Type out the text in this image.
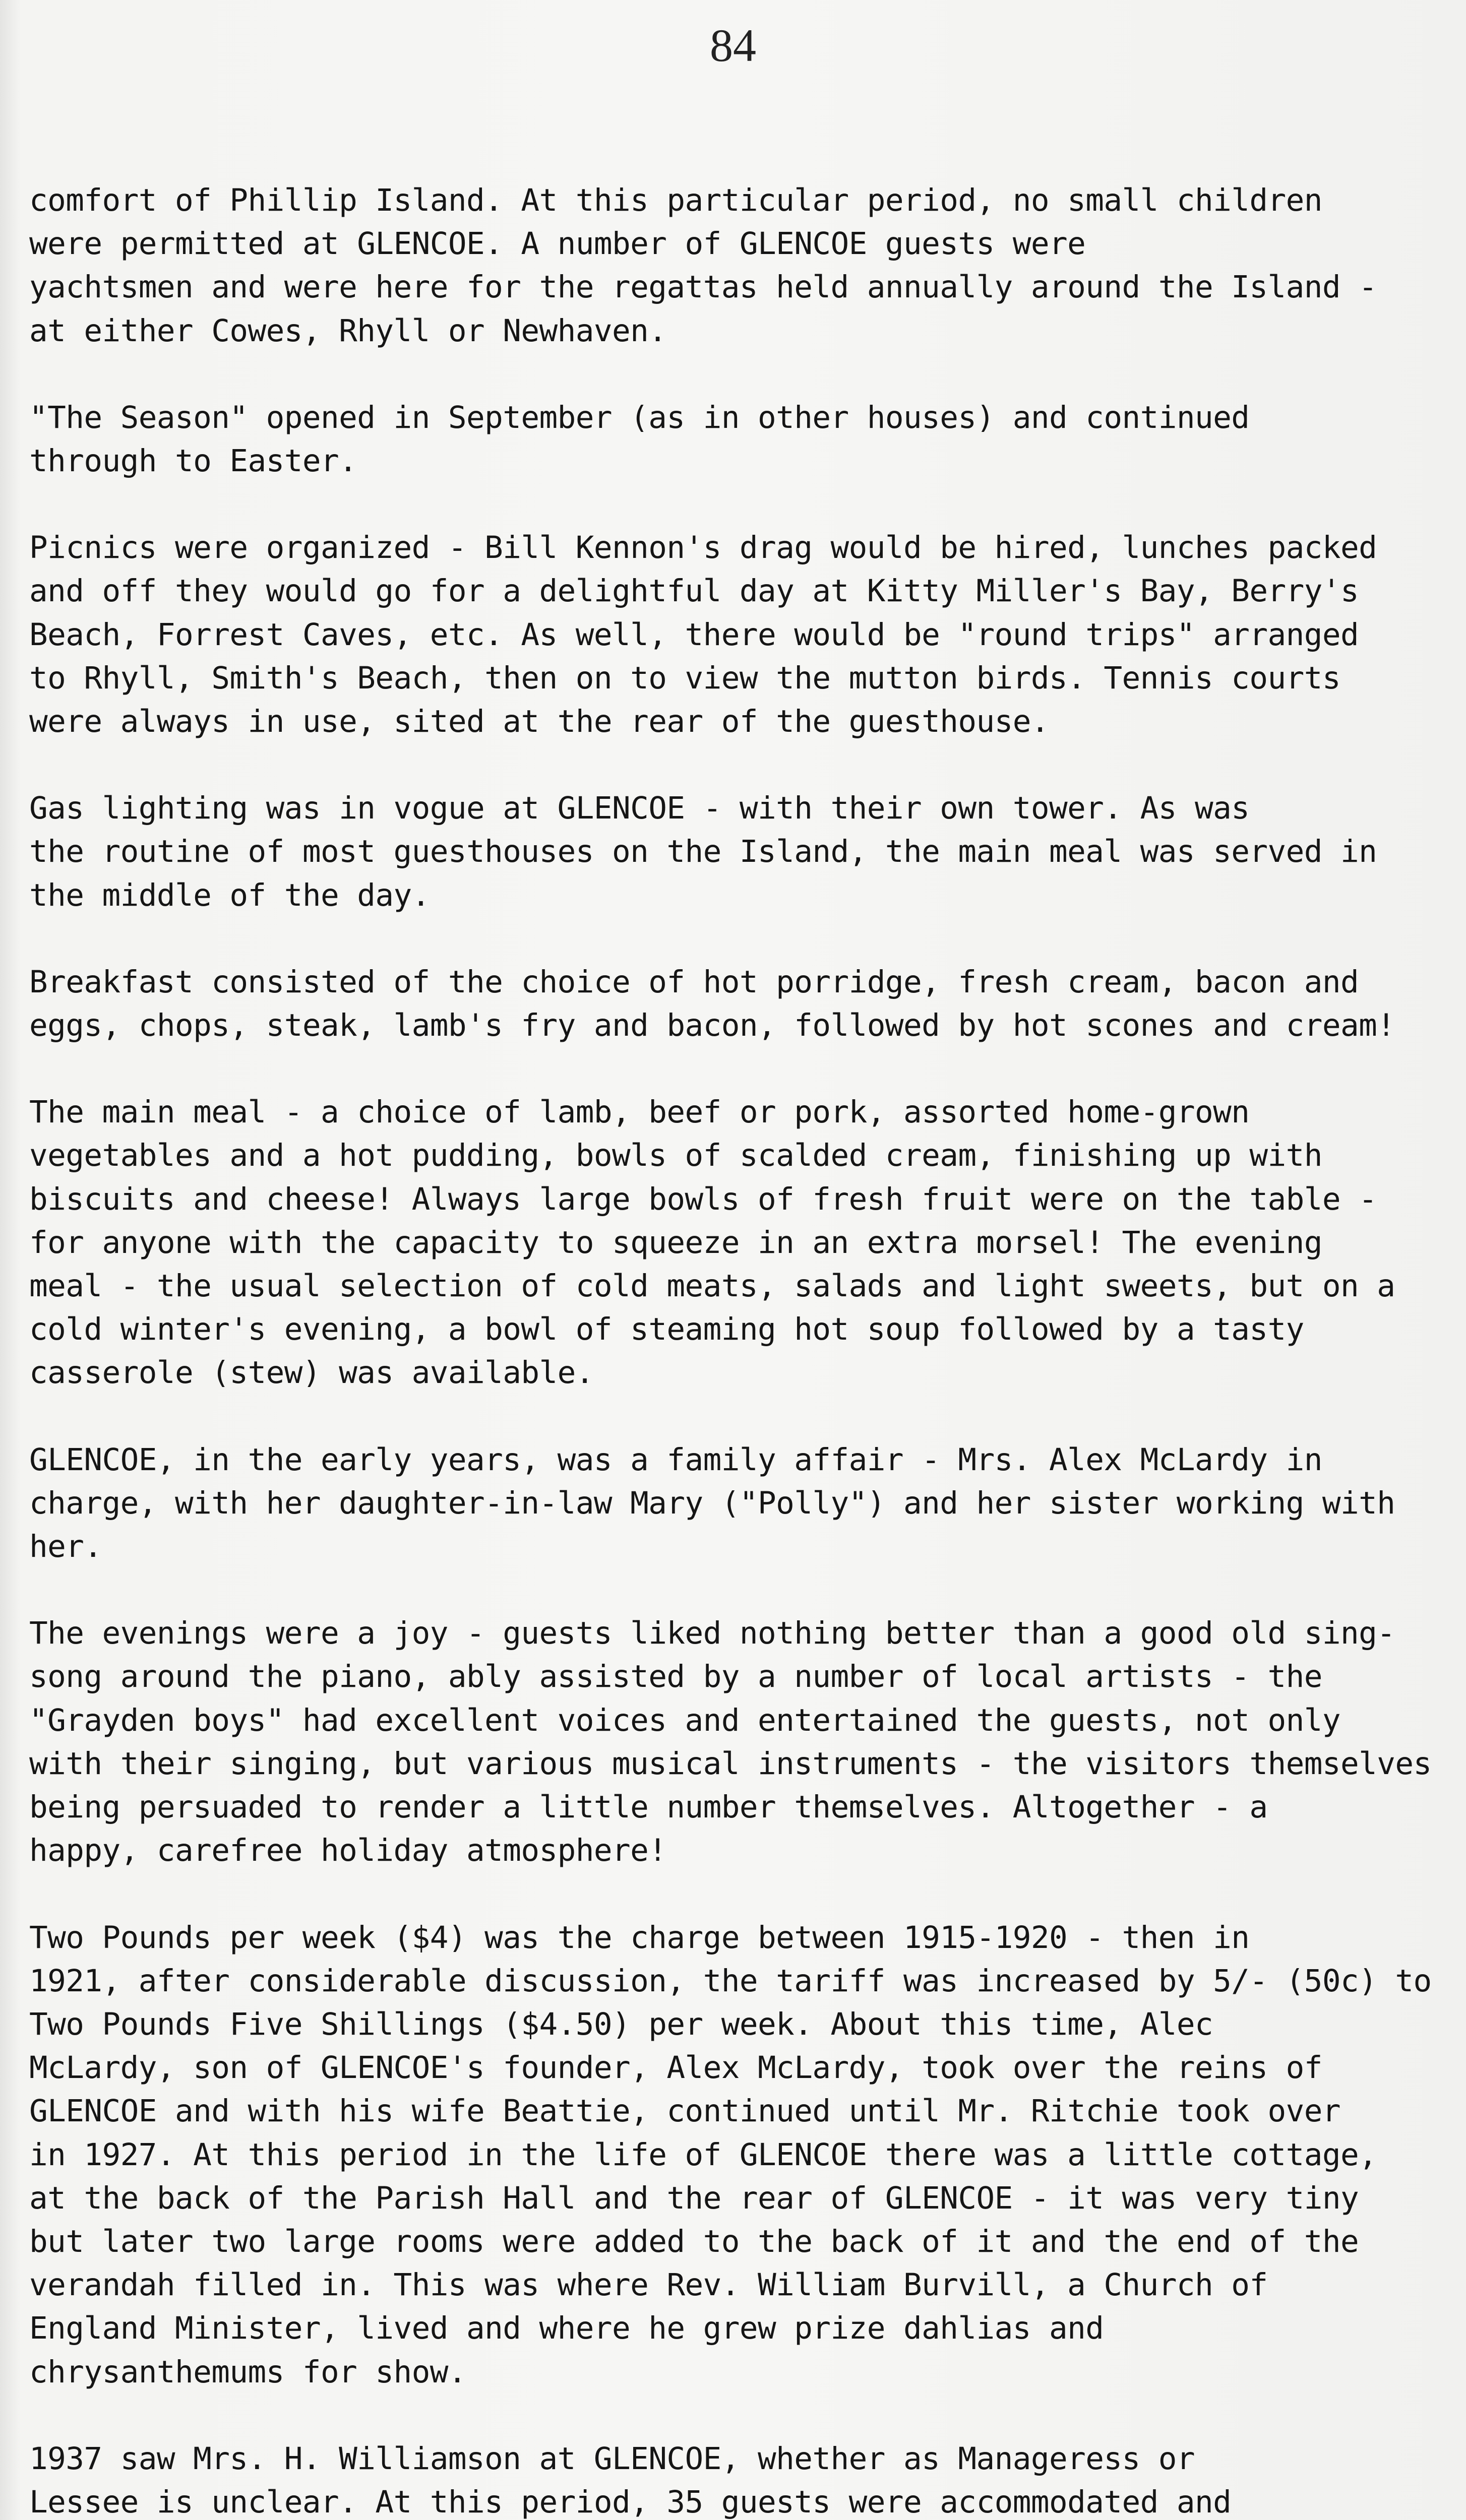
84

comfort of Phillip Island. At this particular period, no small children
were permitted at GLENCOE. A number of GLENCOE guests were
yachtsmen and were here for the regattas held annually around the Island -
at either Cowes, Rhyll or Newhaven.

"The Season" opened in September (as in other houses) and continued
through to Easter.

Picnics were organized - Bill Kennon's drag would be hired, lunches packed
and off they would go for a delightful day at Kitty Miller's Bay, Berry's
Beach, Forrest Caves, etc. As well, there would be "round trips" arranged
to Rhyll, Smith's Beach, then on to view the mutton birds. Tennis courts
were always in use, sited at the rear of the guesthouse.

Gas lighting was in vogue at GLENCOE - with their own tower. As was
the routine of most guesthouses on the Island, the main meal was served in
the middle of the day.

Breakfast consisted of the choice of hot porridge, fresh cream, bacon and
eggs, chops, steak, lamb's fry and bacon, followed by hot scones and cream!

The main meal - a choice of lamb, beef or pork, assorted home-grown
vegetables and a hot pudding, bowls of scalded cream, finishing up with
biscuits and cheese! Always large bowls of fresh fruit were on the table -
for anyone with the capacity to squeeze in an extra morsel! The evening
meal - the usual selection of cold meats, salads and light sweets, but on a
cold winter's evening, a bowl of steaming hot soup followed by a tasty
casserole (stew) was available.

GLENCOE, in the early years, was a family affair - Mrs. Alex McLardy in
charge, with her daughter-in-law Mary ("Polly") and her sister working with
her.

The evenings were a joy - guests liked nothing better than a good old sing-
song around the piano, ably assisted by a number of local artists - the
"Grayden boys" had excellent voices and entertained the guests, not only
with their singing, but various musical instruments - the visitors themselves
being persuaded to render a little number themselves. Altogether - a
happy, carefree holiday atmosphere!

Two Pounds per week ($4) was the charge between 1915-1920 - then in
1921, after considerable discussion, the tariff was increased by 5/- (50c) to
Two Pounds Five Shillings ($4.50) per week. About this time, Alec
McLardy, son of GLENCOE's founder, Alex McLardy, took over the reins of
GLENCOE and with his wife Beattie, continued until Mr. Ritchie took over
in 1927. At this period in the life of GLENCOE there was a little cottage,
at the back of the Parish Hall and the rear of GLENCOE - it was very tiny
but later two large rooms were added to the back of it and the end of the
verandah filled in. This was where Rev. William Burvill, a Church of
England Minister, lived and where he grew prize dahlias and
chrysanthemums for show.

1937 saw Mrs. H. Williamson at GLENCOE, whether as Manageress or
Lessee is unclear. At this period, 35 guests were accommodated and
